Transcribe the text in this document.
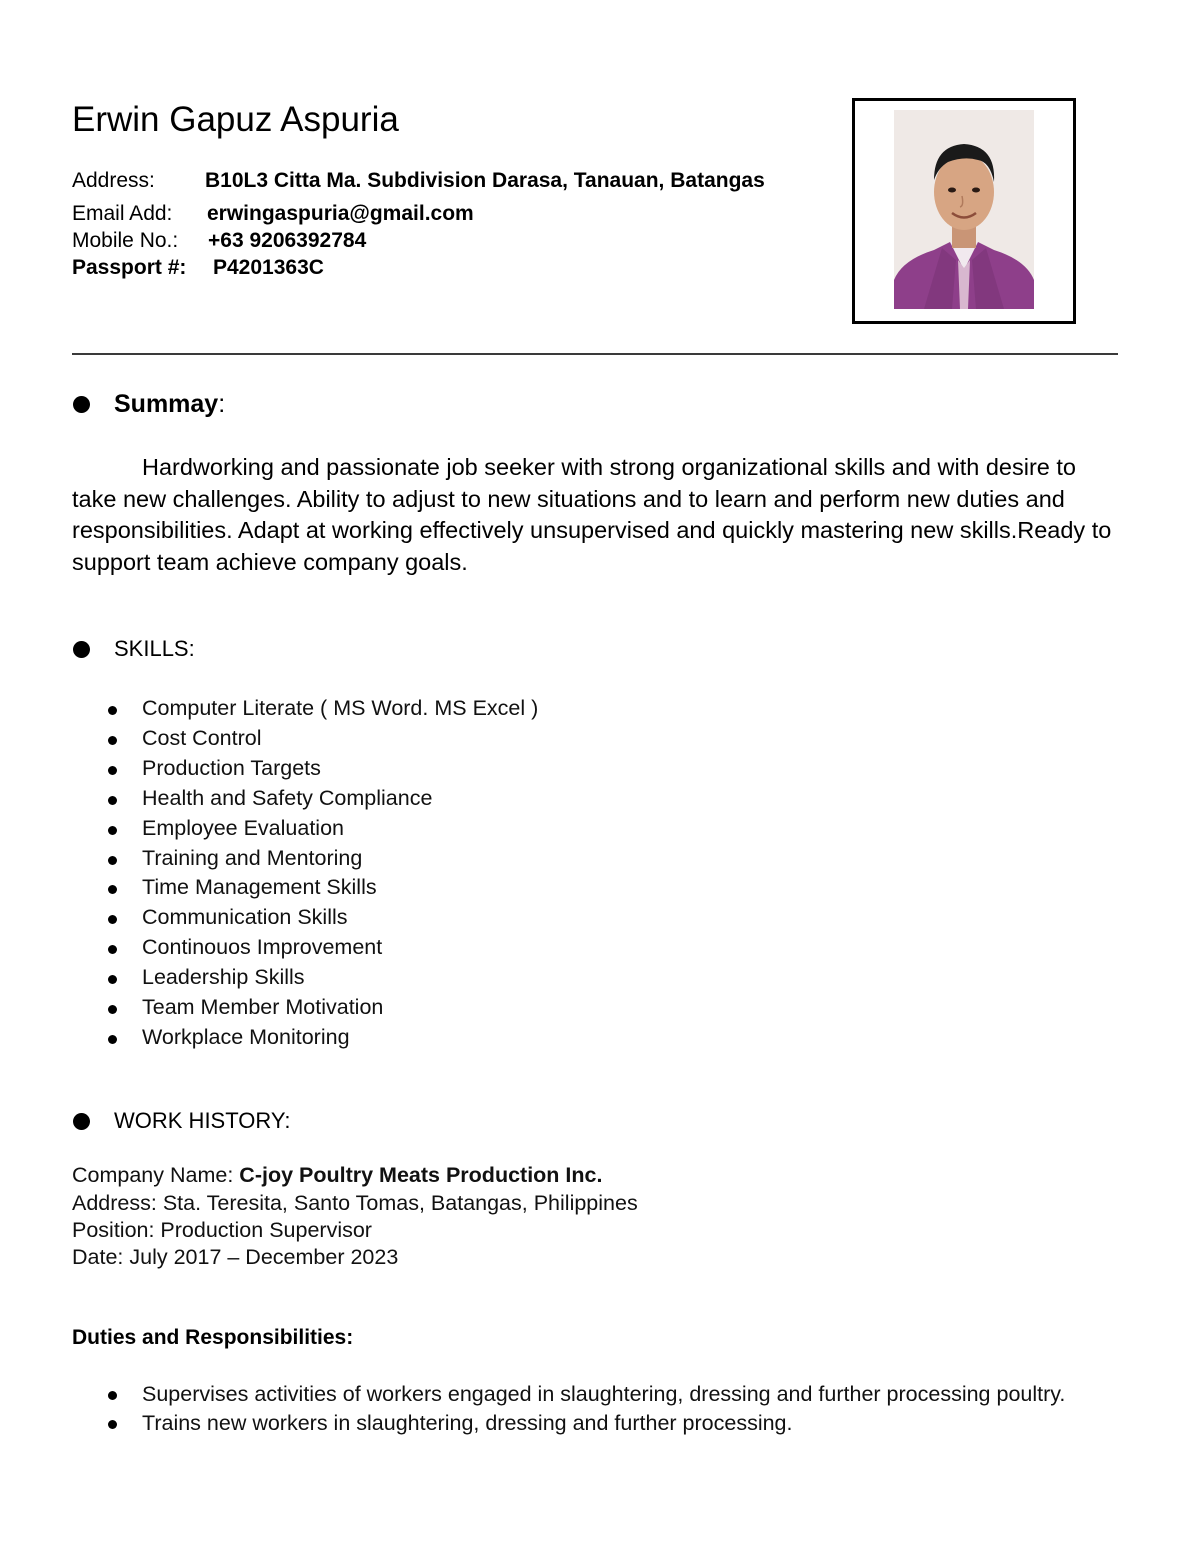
Erwin Gapuz Aspuria
Address: B10L3 Citta Ma. Subdivision Darasa, Tanauan, Batangas
Email Add: erwingaspuria@gmail.com
Mobile No.: +63 9206392784
Passport #: P4201363C
Summay:
Hardworking and passionate job seeker with strong organizational skills and with desire to take new challenges. Ability to adjust to new situations and to learn and perform new duties and responsibilities. Adapt at working effectively unsupervised and quickly mastering new skills.Ready to support team achieve company goals.
SKILLS:
Computer Literate ( MS Word. MS Excel )
Cost Control
Production Targets
Health and Safety Compliance
Employee Evaluation
Training and Mentoring
Time Management Skills
Communication Skills
Continouos Improvement
Leadership Skills
Team Member Motivation
Workplace Monitoring
WORK HISTORY:
Company Name: C-joy Poultry Meats Production Inc.
Address: Sta. Teresita, Santo Tomas, Batangas, Philippines
Position: Production Supervisor
Date: July 2017 – December 2023
Duties and Responsibilities:
Supervises activities of workers engaged in slaughtering, dressing and further processing poultry.
Trains new workers in slaughtering, dressing and further processing.
